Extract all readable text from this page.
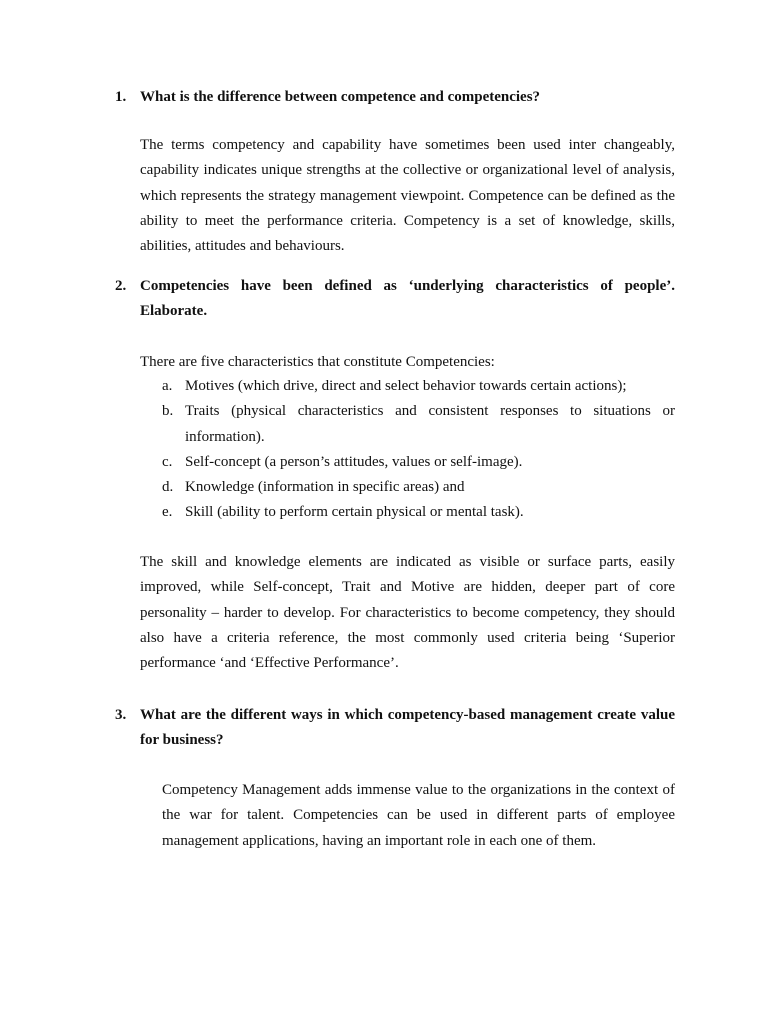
1. What is the difference between competence and competencies?
The terms competency and capability have sometimes been used inter changeably, capability indicates unique strengths at the collective or organizational level of analysis, which represents the strategy management viewpoint. Competence can be defined as the ability to meet the performance criteria. Competency is a set of knowledge, skills, abilities, attitudes and behaviours.
2. Competencies have been defined as ‘underlying characteristics of people’. Elaborate.
There are five characteristics that constitute Competencies:
a. Motives (which drive, direct and select behavior towards certain actions);
b. Traits (physical characteristics and consistent responses to situations or information).
c. Self-concept (a person’s attitudes, values or self-image).
d. Knowledge (information in specific areas) and
e. Skill (ability to perform certain physical or mental task).
The skill and knowledge elements are indicated as visible or surface parts, easily improved, while Self-concept, Trait and Motive are hidden, deeper part of core personality – harder to develop. For characteristics to become competency, they should also have a criteria reference, the most commonly used criteria being ‘Superior performance ‘and ‘Effective Performance’.
3. What are the different ways in which competency-based management create value for business?
Competency Management adds immense value to the organizations in the context of the war for talent. Competencies can be used in different parts of employee management applications, having an important role in each one of them.
